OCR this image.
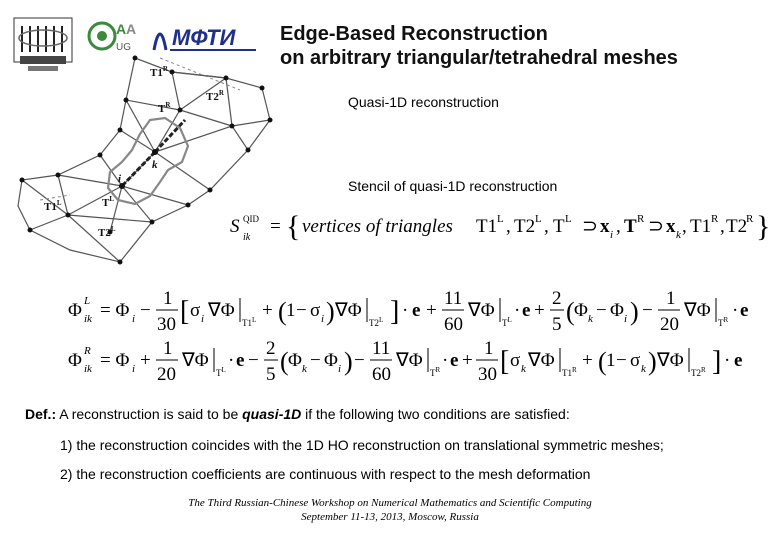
A A
UG МФТИ Edge-Based Reconstruction
on arbitrary triangular/tetrahedral meshes
$T1^R$
$T2^R$
$T^R$
k
i
$T1^L$	$T^L$
$T2^L$
Quasi-1D reconstruction
Stencil of quasi-1D reconstruction
S QID
ik
= { vertices of triangles T1 L , T2 L , T L ⊃ x i , T R ⊃ x k , T1 R , T2
R }
Φ L
ik = Φ i −
1
30 [ σ i ∇Φ
$T1^L$ + ( 1 − σ i ) ∇Φ
$T2^L$ ] · e +
11
60
∇Φ
$T^L \cdot e$ +
2
5 ( Φ k − Φ i ) −
1
20
∇Φ
$T^R \cdot e$
Φ R
ik = Φ i +
1
20
∇Φ
$T^L \cdot e$ −
2
5 ( Φ k − Φ i ) −
11
60
∇Φ
$T^R \cdot e$ +
1
30 [ σ k ∇Φ
$T1^R$ + ( 1 − σ k ) ∇Φ
$T2^R$ ] · e
Def.: A reconstruction is said to be quasi-1D if the following two conditions are satisfied:
1) the reconstruction coincides with the 1D HO reconstruction on translational symmetric meshes;
2) the reconstruction coefficients are continuous with respect to the mesh deformation
The Third Russian-Chinese Workshop on Numerical Mathematics and Scientific Computing
September 11-13, 2013, Moscow, Russia
